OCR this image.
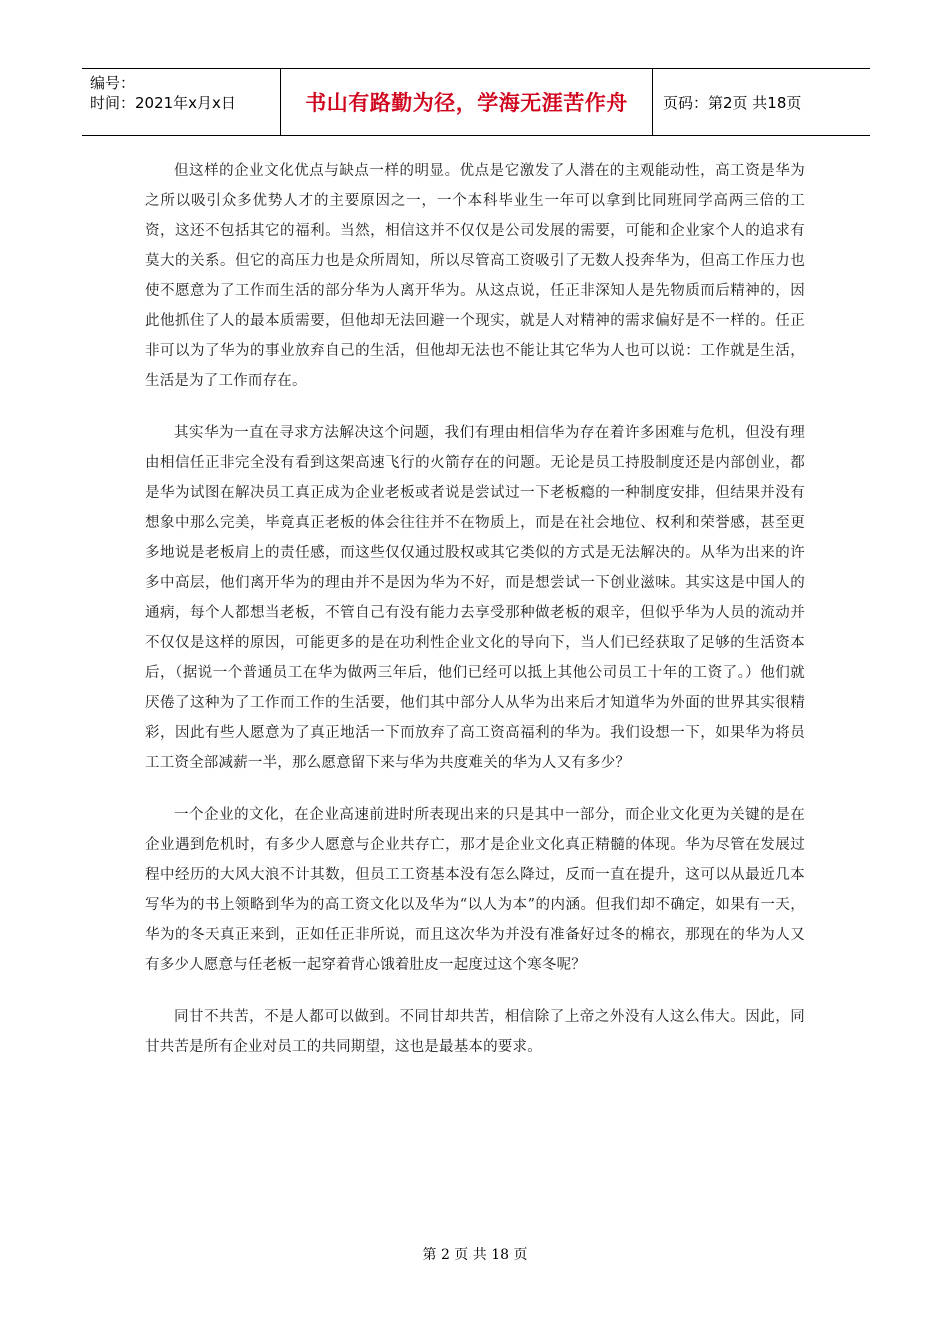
编号：
时间：2021年x月x日	书山有路勤为径，学海无涯苦作舟 页码：第2页 共18页

但这样的企业文化优点与缺点一样的明显。优点是它激发了人潜在的主观能动性，高工资是华为之所以吸引众多优势人才的主要原因之一，一个本科毕业生一年可以拿到比同班同学高两三倍的工资，这还不包括其它的福利。当然，相信这并不仅仅是公司发展的需要，可能和企业家个人的追求有莫大的关系。但它的高压力也是众所周知，所以尽管高工资吸引了无数人投奔华为，但高工作压力也使不愿意为了工作而生活的部分华为人离开华为。从这点说，任正非深知人是先物质而后精神的，因此他抓住了人的最本质需要，但他却无法回避一个现实，就是人对精神的需求偏好是不一样的。任正非可以为了华为的事业放弃自己的生活，但他却无法也不能让其它华为人也可以说：工作就是生活，生活是为了工作而存在。

其实华为一直在寻求方法解决这个问题，我们有理由相信华为存在着许多困难与危机，但没有理由相信任正非完全没有看到这架高速飞行的火箭存在的问题。无论是员工持股制度还是内部创业，都是华为试图在解决员工真正成为企业老板或者说是尝试过一下老板瘾的一种制度安排，但结果并没有想象中那么完美，毕竟真正老板的体会往往并不在物质上，而是在社会地位、权利和荣誉感，甚至更多地说是老板肩上的责任感，而这些仅仅通过股权或其它类似的方式是无法解决的。从华为出来的许多中高层，他们离开华为的理由并不是因为华为不好，而是想尝试一下创业滋味。其实这是中国人的通病，每个人都想当老板，不管自己有没有能力去享受那种做老板的艰辛，但似乎华为人员的流动并不仅仅是这样的原因，可能更多的是在功利性企业文化的导向下，当人们已经获取了足够的生活资本后，（据说一个普通员工在华为做两三年后，他们已经可以抵上其他公司员工十年的工资了。）他们就厌倦了这种为了工作而工作的生活要，他们其中部分人从华为出来后才知道华为外面的世界其实很精彩，因此有些人愿意为了真正地活一下而放弃了高工资高福利的华为。我们设想一下，如果华为将员工工资全部减薪一半，那么愿意留下来与华为共度难关的华为人又有多少？

一个企业的文化，在企业高速前进时所表现出来的只是其中一部分，而企业文化更为关键的是在企业遇到危机时，有多少人愿意与企业共存亡，那才是企业文化真正精髓的体现。华为尽管在发展过程中经历的大风大浪不计其数，但员工工资基本没有怎么降过，反而一直在提升，这可以从最近几本写华为的书上领略到华为的高工资文化以及华为“以人为本”的内涵。但我们却不确定，如果有一天，华为的冬天真正来到，正如任正非所说，而且这次华为并没有准备好过冬的棉衣，那现在的华为人又有多少人愿意与任老板一起穿着背心饿着肚皮一起度过这个寒冬呢？

同甘不共苦，不是人都可以做到。不同甘却共苦，相信除了上帝之外没有人这么伟大。因此，同甘共苦是所有企业对员工的共同期望，这也是最基本的要求。

第 2 页 共 18 页
